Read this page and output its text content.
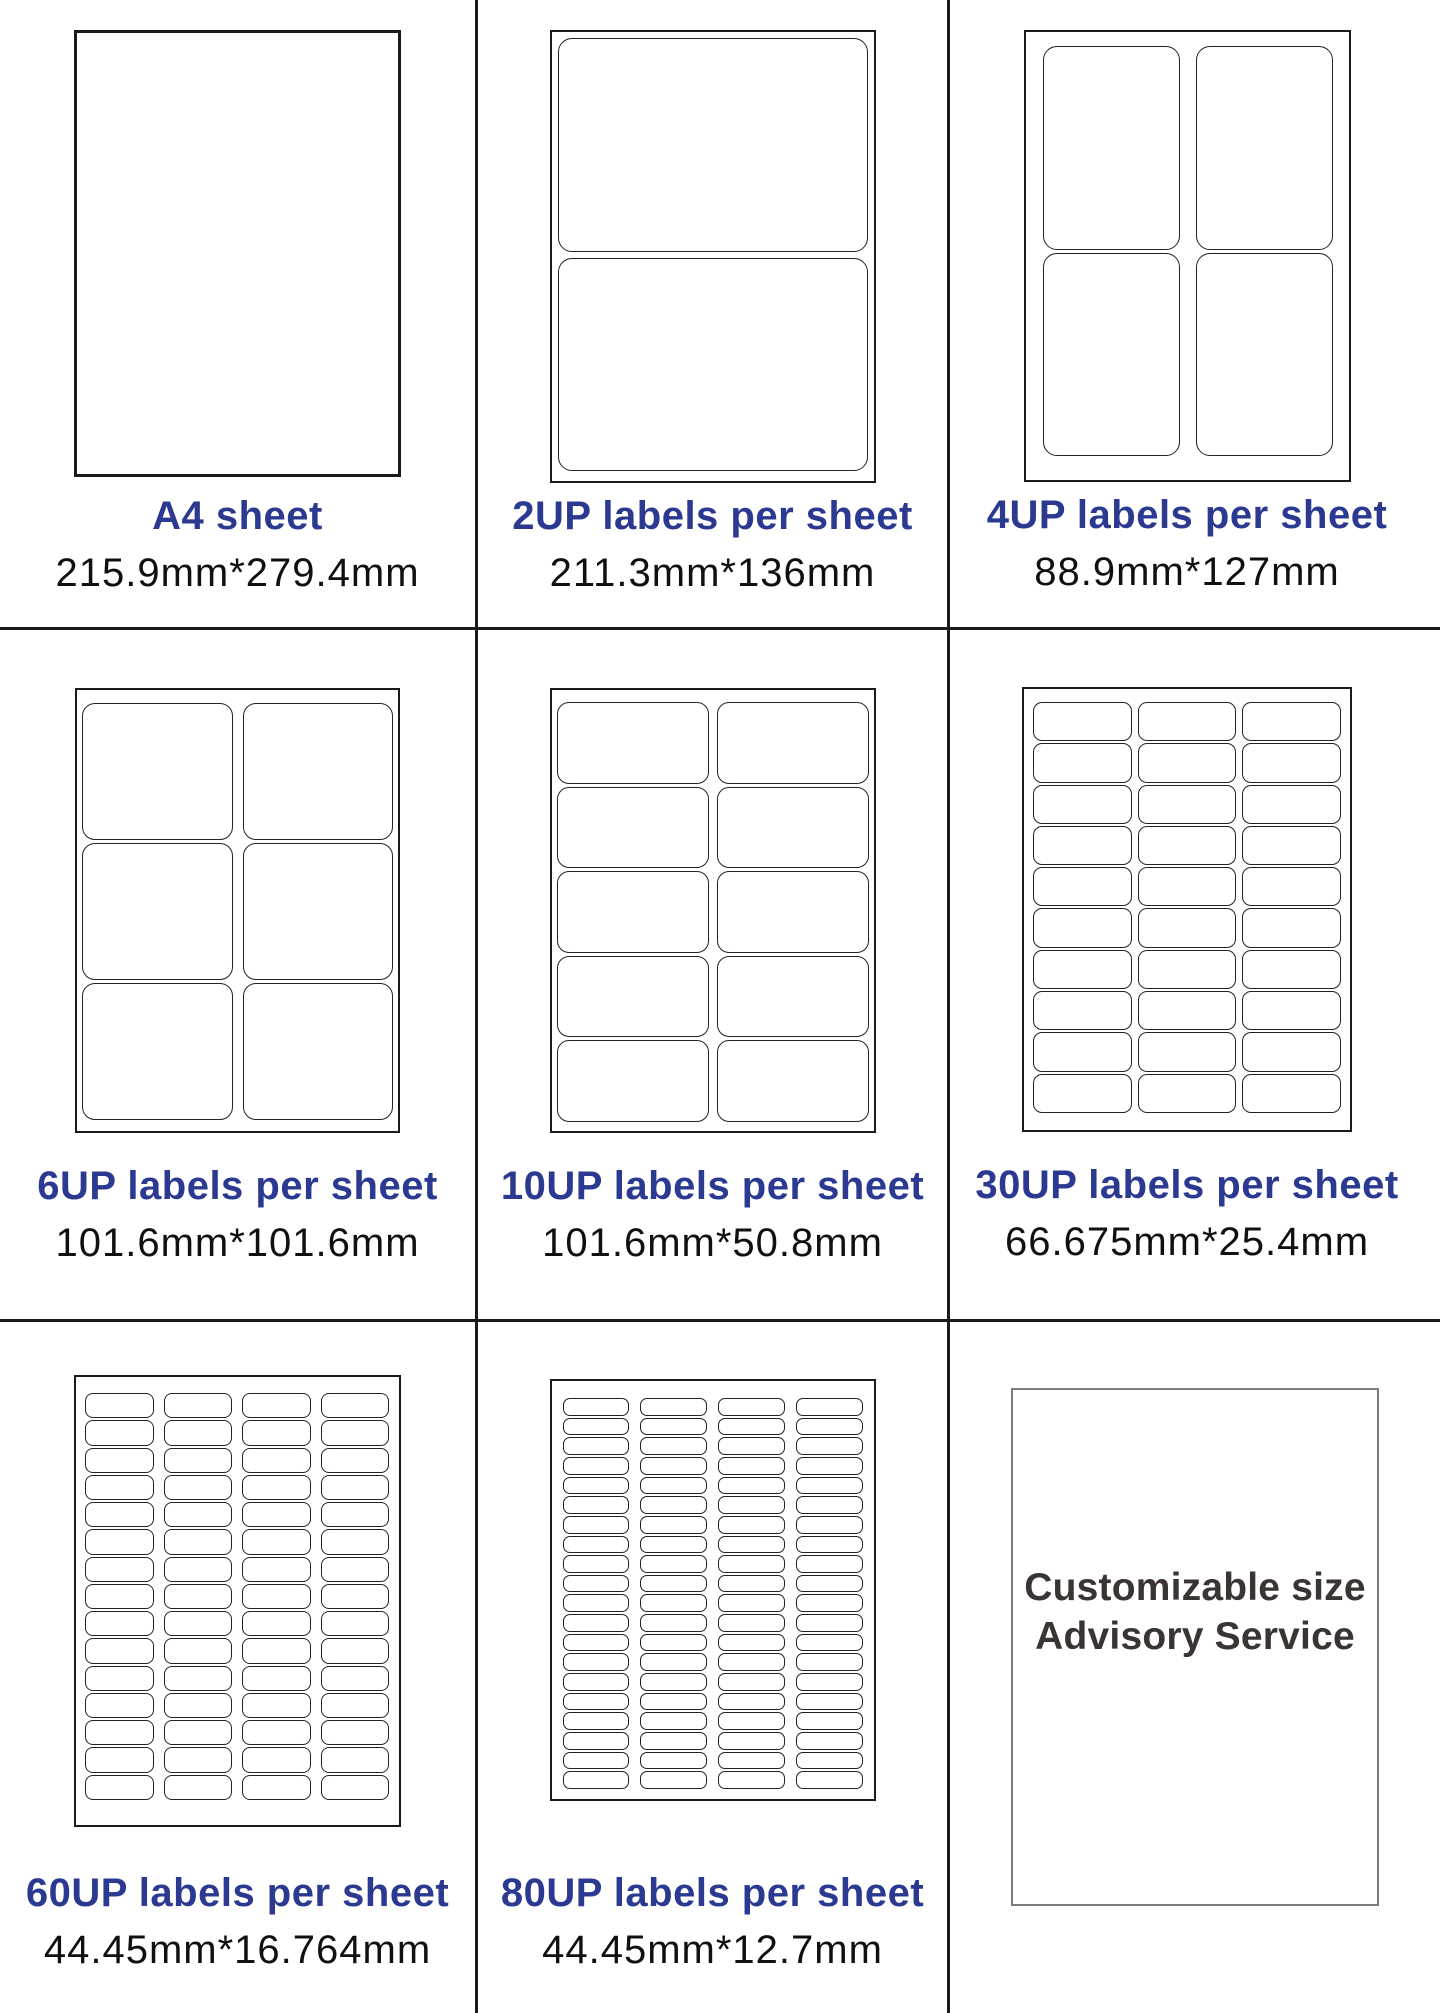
A4 sheet
215.9mm*279.4mm
2UP labels per sheet
211.3mm*136mm
4UP labels per sheet
88.9mm*127mm
6UP labels per sheet
101.6mm*101.6mm
10UP labels per sheet
101.6mm*50.8mm
30UP labels per sheet
66.675mm*25.4mm
60UP labels per sheet
44.45mm*16.764mm
80UP labels per sheet
44.45mm*12.7mm
Customizable size
Advisory Service
